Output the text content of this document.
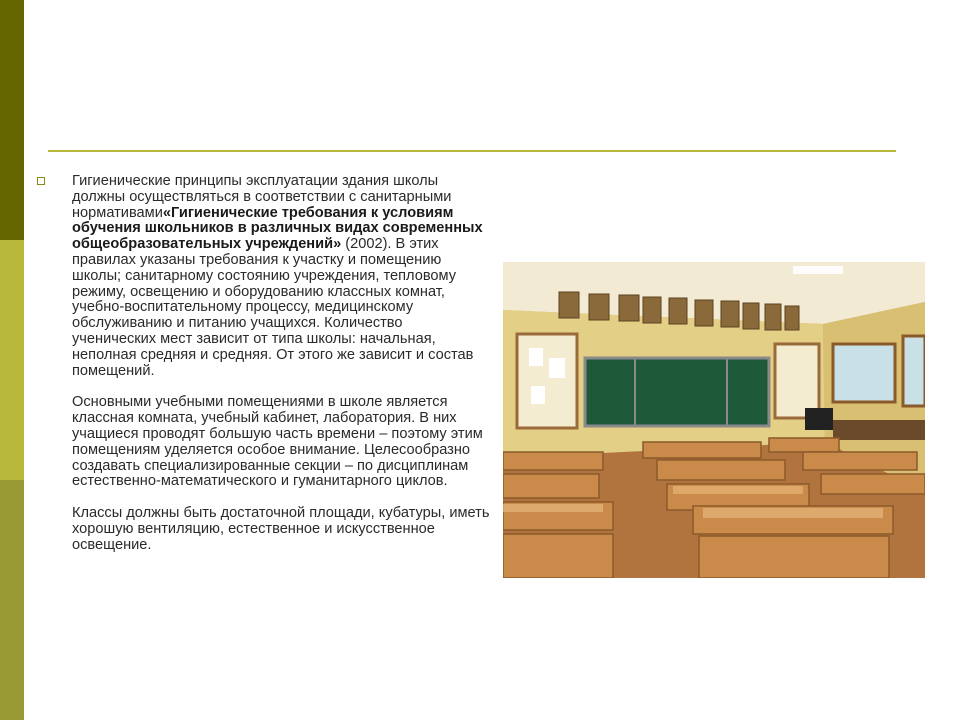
Гигиенические принципы эксплуатации здания школы должны осуществляться в соответствии с санитарными нормативами«Гигиенические требования к условиям обучения школьников в различных видах современных общеобразовательных учреждений» (2002). В этих правилах указаны требования к участку и помещению школы; санитарному состоянию учреждения, тепловому режиму, освещению и оборудованию классных комнат, учебно-воспитательному процессу, медицинскому обслуживанию и питанию учащихся. Количество ученических мест зависит от типа школы: начальная, неполная средняя и средняя. От этого же зависит и состав помещений.

Основными учебными помещениями в школе является классная комната, учебный кабинет, лаборатория. В них учащиеся проводят большую часть времени – поэтому этим помещениям уделяется особое внимание. Целесообразно создавать специализированные секции – по дисциплинам естественно-математического и гуманитарного циклов.

Классы должны быть достаточной площади, кубатуры, иметь хорошую вентиляцию, естественное и искусственное освещение.
